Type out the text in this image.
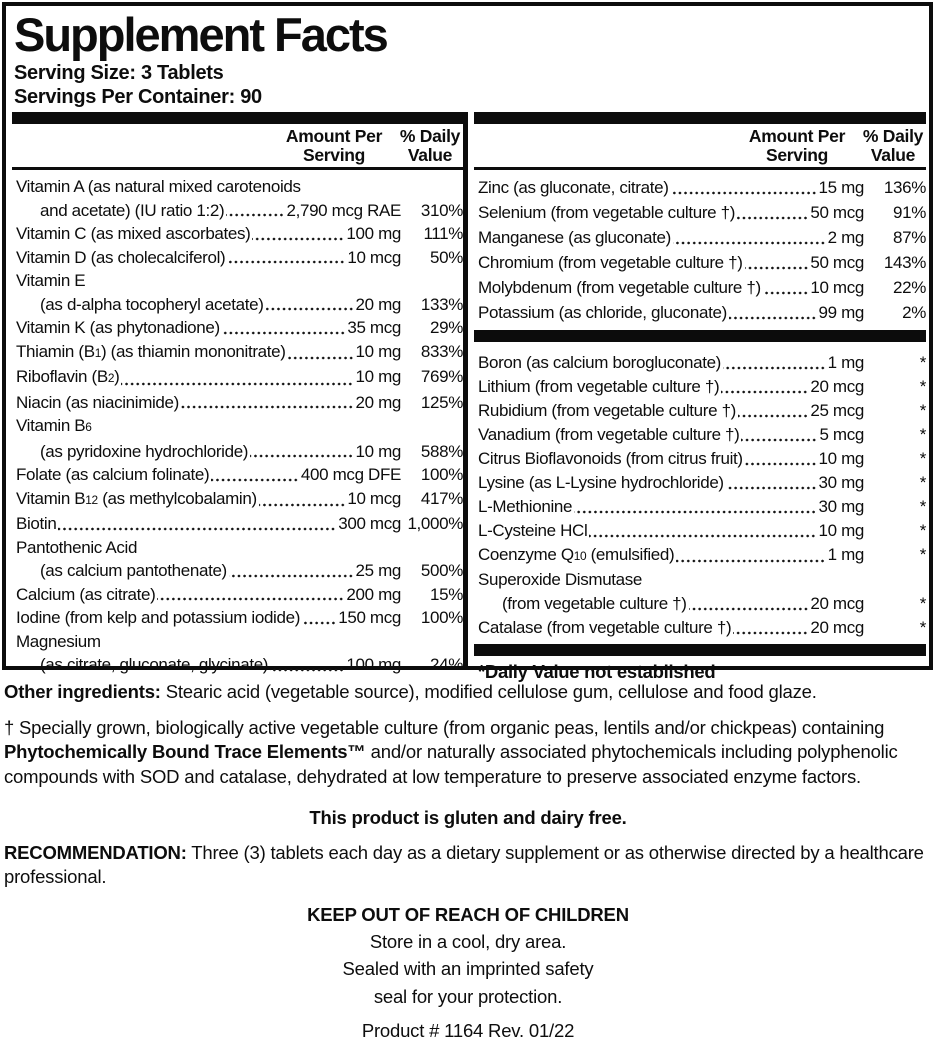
Supplement Facts
Serving Size: 3 Tablets
Servings Per Container: 90
Amount Per Serving
% Daily Value
Vitamin A (as natural mixed carotenoids
and acetate) (IU ratio 1:2)	2,790 mcg RAE	310%
Vitamin C (as mixed ascorbates)	100 mg	111%
Vitamin D (as cholecalciferol)	10 mcg	50%
Vitamin E
(as d-alpha tocopheryl acetate)	20 mg	133%
Vitamin K (as phytonadione)	35 mcg	29%
Thiamin (B1) (as thiamin mononitrate)	10 mg	833%
Riboflavin (B2)	10 mg	769%
Niacin (as niacinimide)	20 mg	125%
Vitamin B 6
(as pyridoxine hydrochloride)	10 mg	588%
Folate (as calcium folinate)	400 mcg DFE	100%
Vitamin B12 (as methylcobalamin)	10 mcg	417%
Biotin	300 mcg 1,000%
Pantothenic Acid
(as calcium pantothenate)	25 mg	500%
Calcium (as citrate)	200 mg	15%
Iodine (from kelp and potassium iodide) 150 mcg	100%
Magnesium
(as citrate, gluconate, glycinate)	100 mg	24%
Amount Per Serving
% Daily Value
Zinc (as gluconate, citrate)	15 mg	136%
Selenium (from vegetable culture †)	50 mcg	91%
Manganese (as gluconate)	2 mg	87%
Chromium (from vegetable culture †)	50 mcg	143%
Molybdenum (from vegetable culture †)	10 mcg	22%
Potassium (as chloride, gluconate)	99 mg	2%
Boron (as calcium borogluconate)	1 mg	*
Lithium (from vegetable culture †)	20 mcg	*
Rubidium (from vegetable culture †)	25 mcg	*
Vanadium (from vegetable culture †)	5 mcg	*
Citrus Bioflavonoids (from citrus fruit)	10 mg	*
Lysine (as L-Lysine hydrochloride)	30 mg	*
L-Methionine	30 mg	*
L-Cysteine HCl	10 mg	*
Coenzyme Q10 (emulsified)	1 mg	*
Superoxide Dismutase
(from vegetable culture †)	20 mcg	*
Catalase (from vegetable culture †)	20 mcg	*
*Daily Value not established

Other ingredients: Stearic acid (vegetable source), modified cellulose gum, cellulose and food glaze.

† Specially grown, biologically active vegetable culture (from organic peas, lentils and/or chickpeas) containing Phytochemically Bound Trace Elements™ and/or naturally associated phytochemicals including polyphenolic compounds with SOD and catalase, dehydrated at low temperature to preserve associated enzyme factors.

This product is gluten and dairy free.

RECOMMENDATION: Three (3) tablets each day as a dietary supplement or as otherwise directed by a healthcare professional.

KEEP OUT OF REACH OF CHILDREN
Store in a cool, dry area.
Sealed with an imprinted safety
seal for your protection.
Product # 1164 Rev. 01/22
